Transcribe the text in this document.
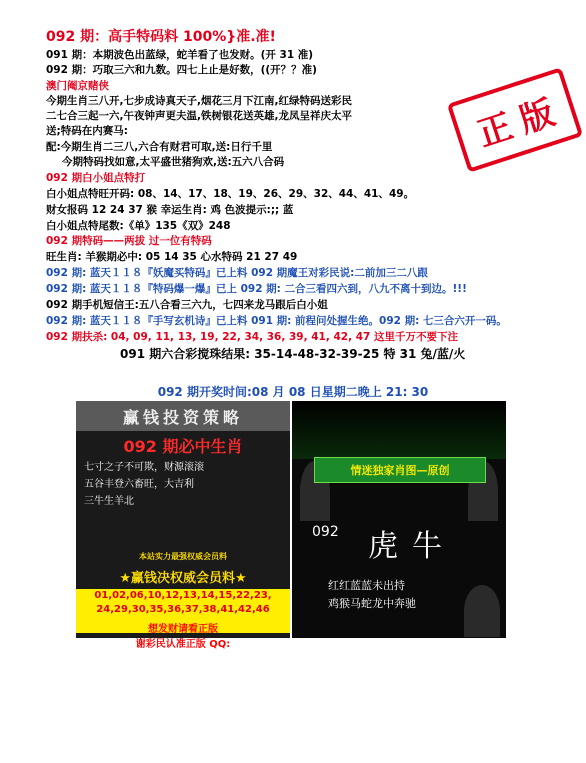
092 期：高手特码料 100%}准.准!
091 期：本期波色出蓝绿，蛇羊看了也发财。(开 31 准)
092 期：巧取三六和九数。四七上止是好数，((开？？准)
澳门阉京赌侠
今期生肖三八开,七步成诗真天子,烟花三月下江南,红绿特码送彩民
二七合三起一六,午夜钟声更夫温,铁树银花送英雄,龙凤呈祥庆太平
送;特码在内赛马:
配:今期生肖二三八,六合有财君可取,送:日行千里
今期特码找如意,太平盛世猪狗欢,送:五六八合码
正
版
092 期白小姐点特打
白小姐点特旺开码: 08、14、17、18、19、26、29、32、44、41、49。
财女报码 12 24 37 猴 幸运生肖: 鸡 色波提示:;; 蓝
白小姐点特尾数:《单》135《双》248
092 期特码——两拔 过一位有特码
旺生肖: 羊猴期必中: 05 14 35 心水特码 21 27 49
092 期: 蓝天１１８『妖魔买特码』已上料 092 期魔王对彩民说:二前加三二八跟
092 期: 蓝天１１８『特码爆一爆』已上 092 期: 二合三看四六到，八九不离十到边。!!!
092 期手机短信王:五八合看三六九，七四来龙马跟后白小姐
092 期: 蓝天１１８『手写玄机诗』已上料 091 期: 前程问处握生绝。092 期: 七三合六开一码。
092 期扶杀: 04, 09, 11, 13, 19, 22, 34, 36, 39, 41, 42, 47 这里千万不要下注
091 期六合彩搅珠结果: 35-14-48-32-39-25 特 31 兔/蓝/火
092 期开奖时间:08 月 08 日星期二晚上 21: 30
赢钱投资策略
092 期必中生肖
七寸之子不可欺，财源滚滚
五谷丰登六畜旺，大吉利
三牛生羊北
本站实力最强权威会员料
★赢钱决权威会员料★
01,02,06,10,12,13,14,15,22,23,
24,29,30,35,36,37,38,41,42,46
想发财请看正版
谢彩民认准正版 QQ:
情迷独家肖图—原创
092 虎牛
红红蓝蓝未出持
鸡猴马蛇龙中奔驰
